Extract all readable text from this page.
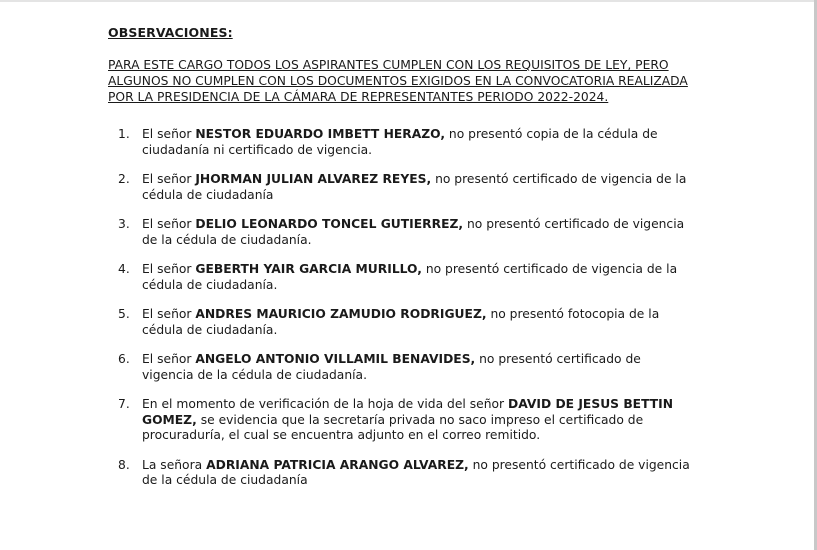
OBSERVACIONES:

PARA ESTE CARGO TODOS LOS ASPIRANTES CUMPLEN CON LOS REQUISITOS DE LEY, PERO
ALGUNOS NO CUMPLEN CON LOS DOCUMENTOS EXIGIDOS EN LA CONVOCATORIA REALIZADA
POR LA PRESIDENCIA DE LA CÁMARA DE REPRESENTANTES PERIODO 2022-2024.
1. El señor NESTOR EDUARDO IMBETT HERAZO, no presentó copia de la cédula de ciudadanía ni certificado de vigencia.
2. El señor JHORMAN JULIAN ALVAREZ REYES, no presentó certificado de vigencia de la cédula de ciudadanía
3. El señor DELIO LEONARDO TONCEL GUTIERREZ, no presentó certificado de vigencia de la cédula de ciudadanía.
4. El señor GEBERTH YAIR GARCIA MURILLO, no presentó certificado de vigencia de la cédula de ciudadanía.
5. El señor ANDRES MAURICIO ZAMUDIO RODRIGUEZ, no presentó fotocopia de la cédula de ciudadanía.
6. El señor ANGELO ANTONIO VILLAMIL BENAVIDES, no presentó certificado de vigencia de la cédula de ciudadanía.
7. En el momento de verificación de la hoja de vida del señor DAVID DE JESUS BETTIN GOMEZ, se evidencia que la secretaría privada no saco impreso el certificado de procuraduría, el cual se encuentra adjunto en el correo remitido.
8. La señora ADRIANA PATRICIA ARANGO ALVAREZ, no presentó certificado de vigencia de la cédula de ciudadanía
